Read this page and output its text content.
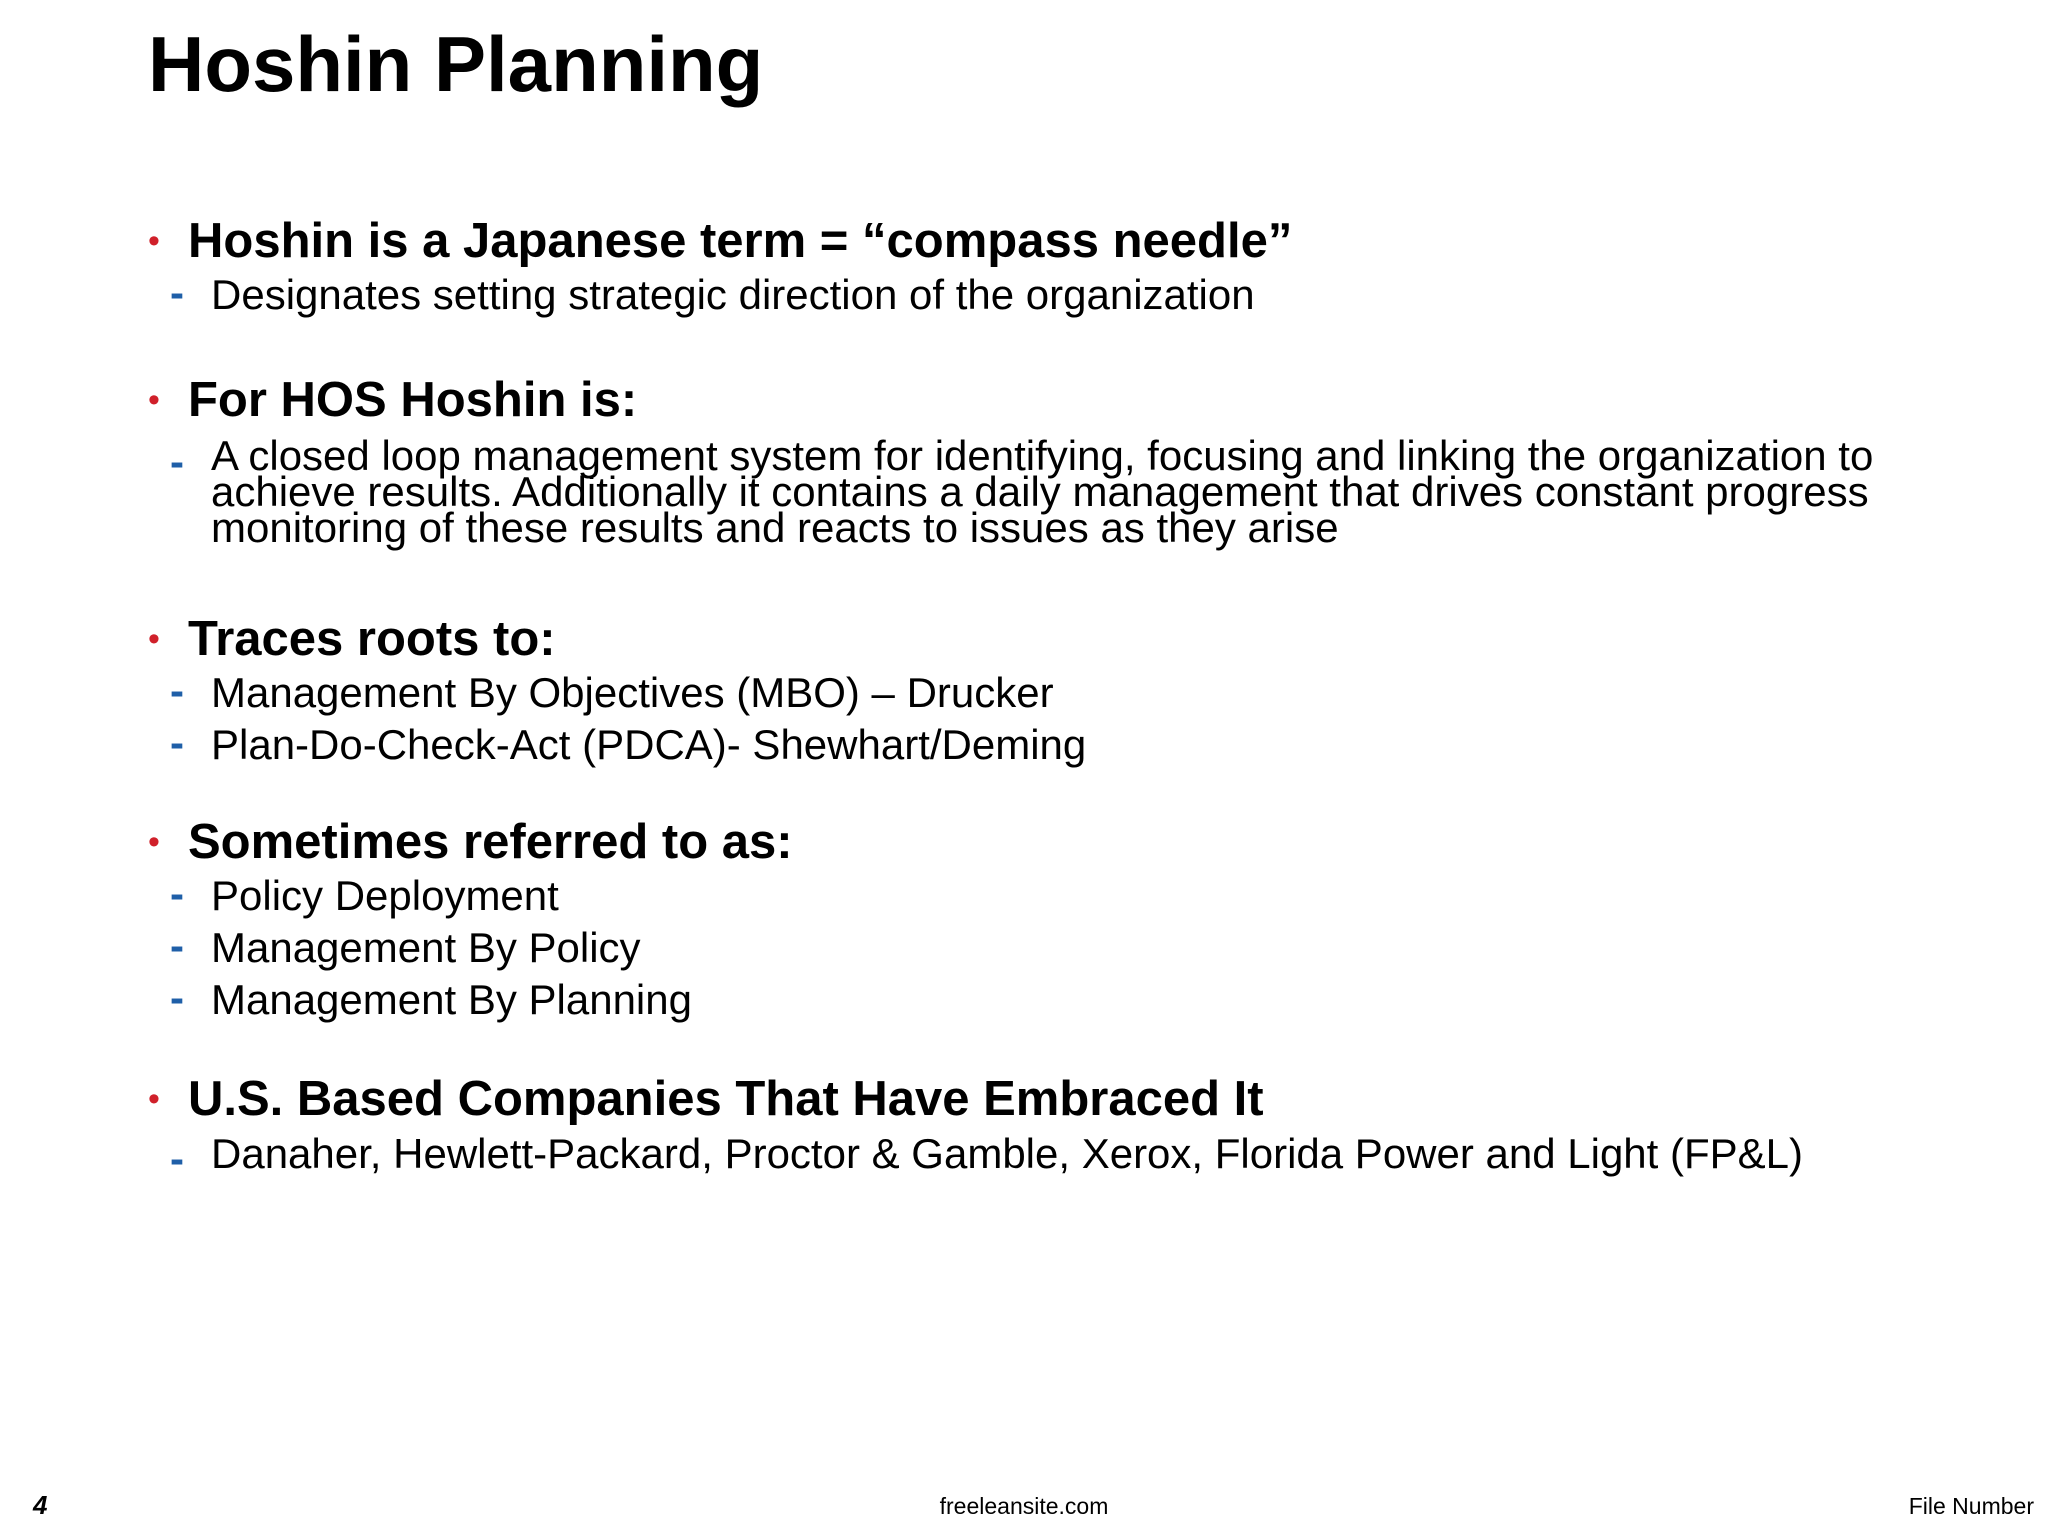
Hoshin Planning
• Hoshin is a Japanese term = “compass needle”
- Designates setting strategic direction of the organization
• For HOS Hoshin is:
- A closed loop management system for identifying, focusing and linking the organization to achieve results. Additionally it contains a daily management that drives constant progress monitoring of these results and reacts to issues as they arise
• Traces roots to:
- Management By Objectives (MBO) – Drucker
- Plan-Do-Check-Act (PDCA)- Shewhart/Deming
• Sometimes referred to as:
- Policy Deployment
- Management By Policy
- Management By Planning
• U.S. Based Companies That Have Embraced It
- Danaher, Hewlett-Packard, Proctor & Gamble, Xerox, Florida Power and Light (FP&L)
4	freeleansite.com	File Number
